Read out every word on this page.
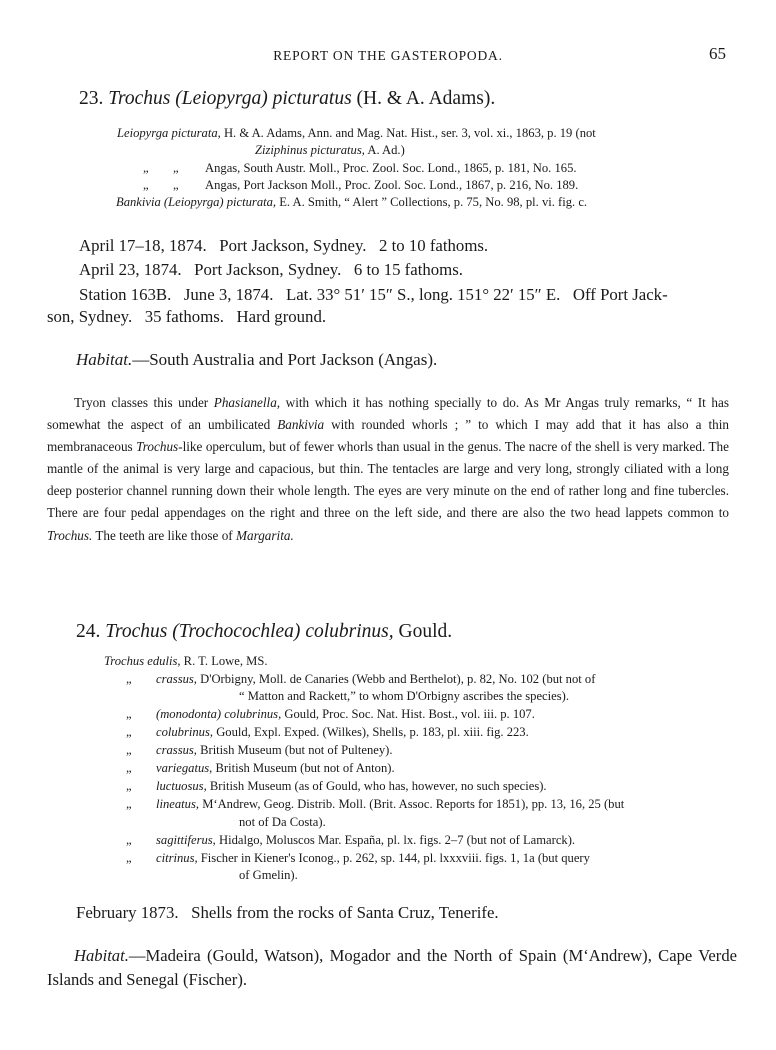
REPORT ON THE GASTEROPODA.	65
23. Trochus (Leiopyrga) picturatus (H. & A. Adams).
Leiopyrga picturata, H. & A. Adams, Ann. and Mag. Nat. Hist., ser. 3, vol. xi., 1863, p. 19 (not
Ziziphinus picturatus, A. Ad.)
„ „ Angas, South Austr. Moll., Proc. Zool. Soc. Lond., 1865, p. 181, No. 165.
„ „ Angas, Port Jackson Moll., Proc. Zool. Soc. Lond., 1867, p. 216, No. 189.
Bankivia (Leiopyrga) picturata, E. A. Smith, “ Alert ” Collections, p. 75, No. 98, pl. vi. fig. c.
April 17–18, 1874.   Port Jackson, Sydney.   2 to 10 fathoms.
April 23, 1874.   Port Jackson, Sydney.   6 to 15 fathoms.
Station 163B.   June 3, 1874.   Lat. 33° 51′ 15″ S., long. 151° 22′ 15″ E.   Off Port Jack-
son, Sydney.   35 fathoms.   Hard ground.
Habitat.—South Australia and Port Jackson (Angas).

Tryon classes this under Phasianella, with which it has nothing specially to do. As Mr Angas truly remarks, “ It has somewhat the aspect of an umbilicated Bankivia with rounded whorls ; ” to which I may add that it has also a thin membranaceous Trochus-like operculum, but of fewer whorls than usual in the genus. The nacre of the shell is very marked. The mantle of the animal is very large and capacious, but thin. The tentacles are large and very long, strongly ciliated with a long deep posterior channel running down their whole length. The eyes are very minute on the end of rather long and fine tubercles. There are four pedal appendages on the right and three on the left side, and there are also the two head lappets common to Trochus. The teeth are like those of Margarita.

24. Trochus (Trochocochlea) colubrinus, Gould.
Trochus edulis, R. T. Lowe, MS.
„ crassus, D'Orbigny, Moll. de Canaries (Webb and Berthelot), p. 82, No. 102 (but not of
“ Matton and Rackett,” to whom D'Orbigny ascribes the species).
„ (monodonta) colubrinus, Gould, Proc. Soc. Nat. Hist. Bost., vol. iii. p. 107.
„ colubrinus, Gould, Expl. Exped. (Wilkes), Shells, p. 183, pl. xiii. fig. 223.
„ crassus, British Museum (but not of Pulteney).
„ variegatus, British Museum (but not of Anton).
„ luctuosus, British Museum (as of Gould, who has, however, no such species).
„ lineatus, M‘Andrew, Geog. Distrib. Moll. (Brit. Assoc. Reports for 1851), pp. 13, 16, 25 (but
not of Da Costa).
„ sagittiferus, Hidalgo, Moluscos Mar. España, pl. lx. figs. 2–7 (but not of Lamarck).
„ citrinus, Fischer in Kiener's Iconog., p. 262, sp. 144, pl. lxxxviii. figs. 1, 1a (but query
of Gmelin).
February 1873.   Shells from the rocks of Santa Cruz, Tenerife.

Habitat.—Madeira (Gould, Watson), Mogador and the North of Spain (M‘Andrew), Cape Verde Islands and Senegal (Fischer).
